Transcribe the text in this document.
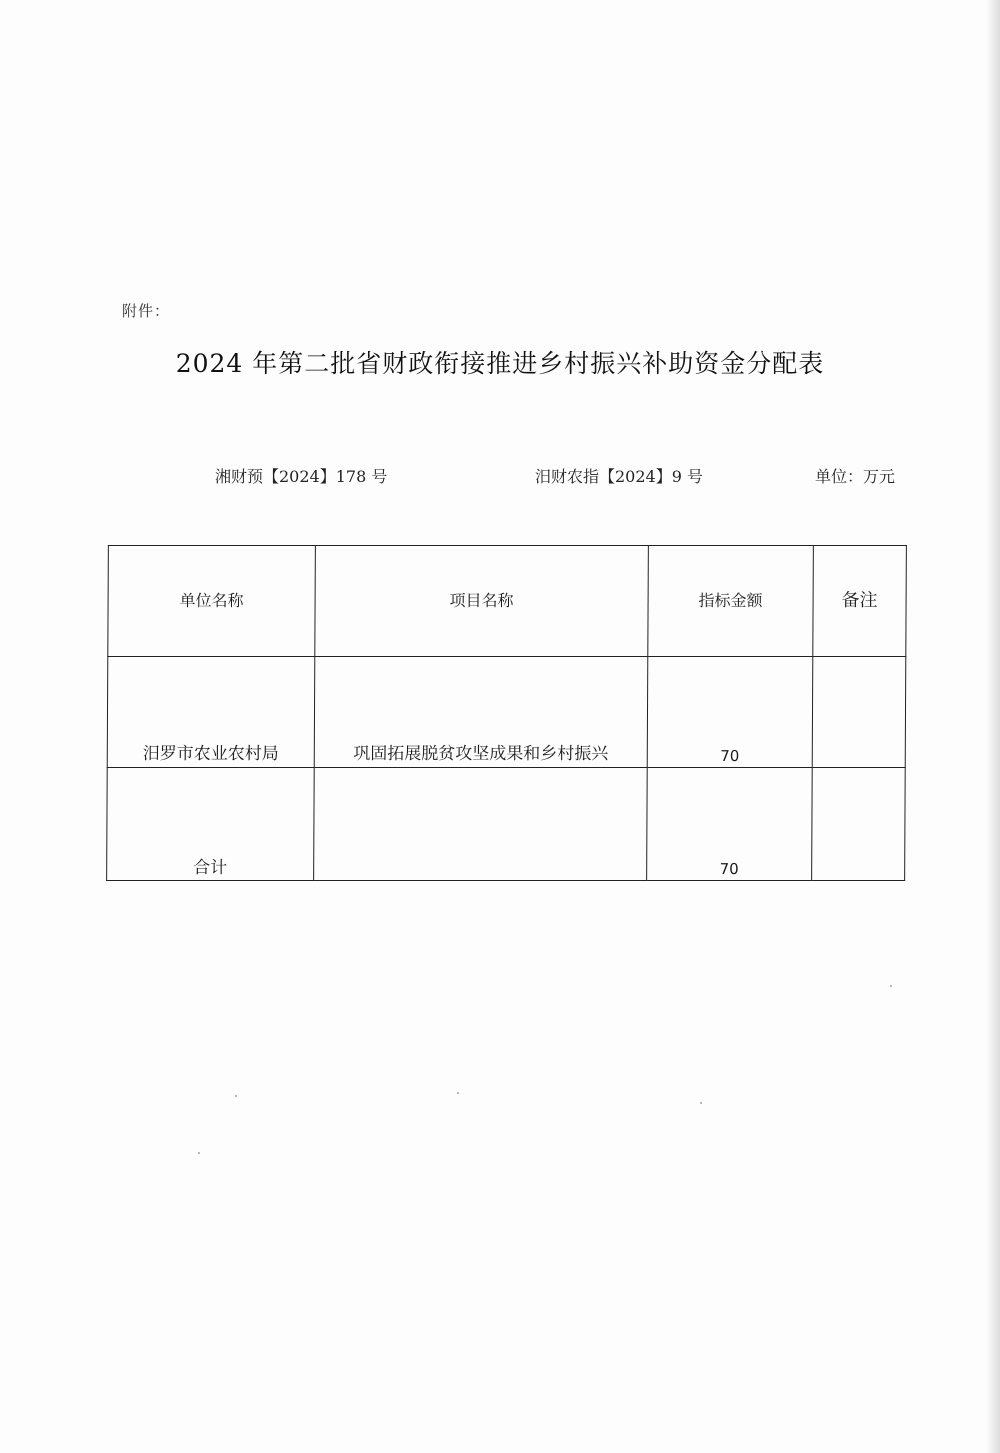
附件：
2024 年第二批省财政衔接推进乡村振兴补助资金分配表
湘财预【2024】178 号	汨财农指【2024】9 号	单位：万元
单位名称	项目名称	指标金额	备注
汨罗市农业农村局	巩固拓展脱贫攻坚成果和乡村振兴	70	
合计		70	
